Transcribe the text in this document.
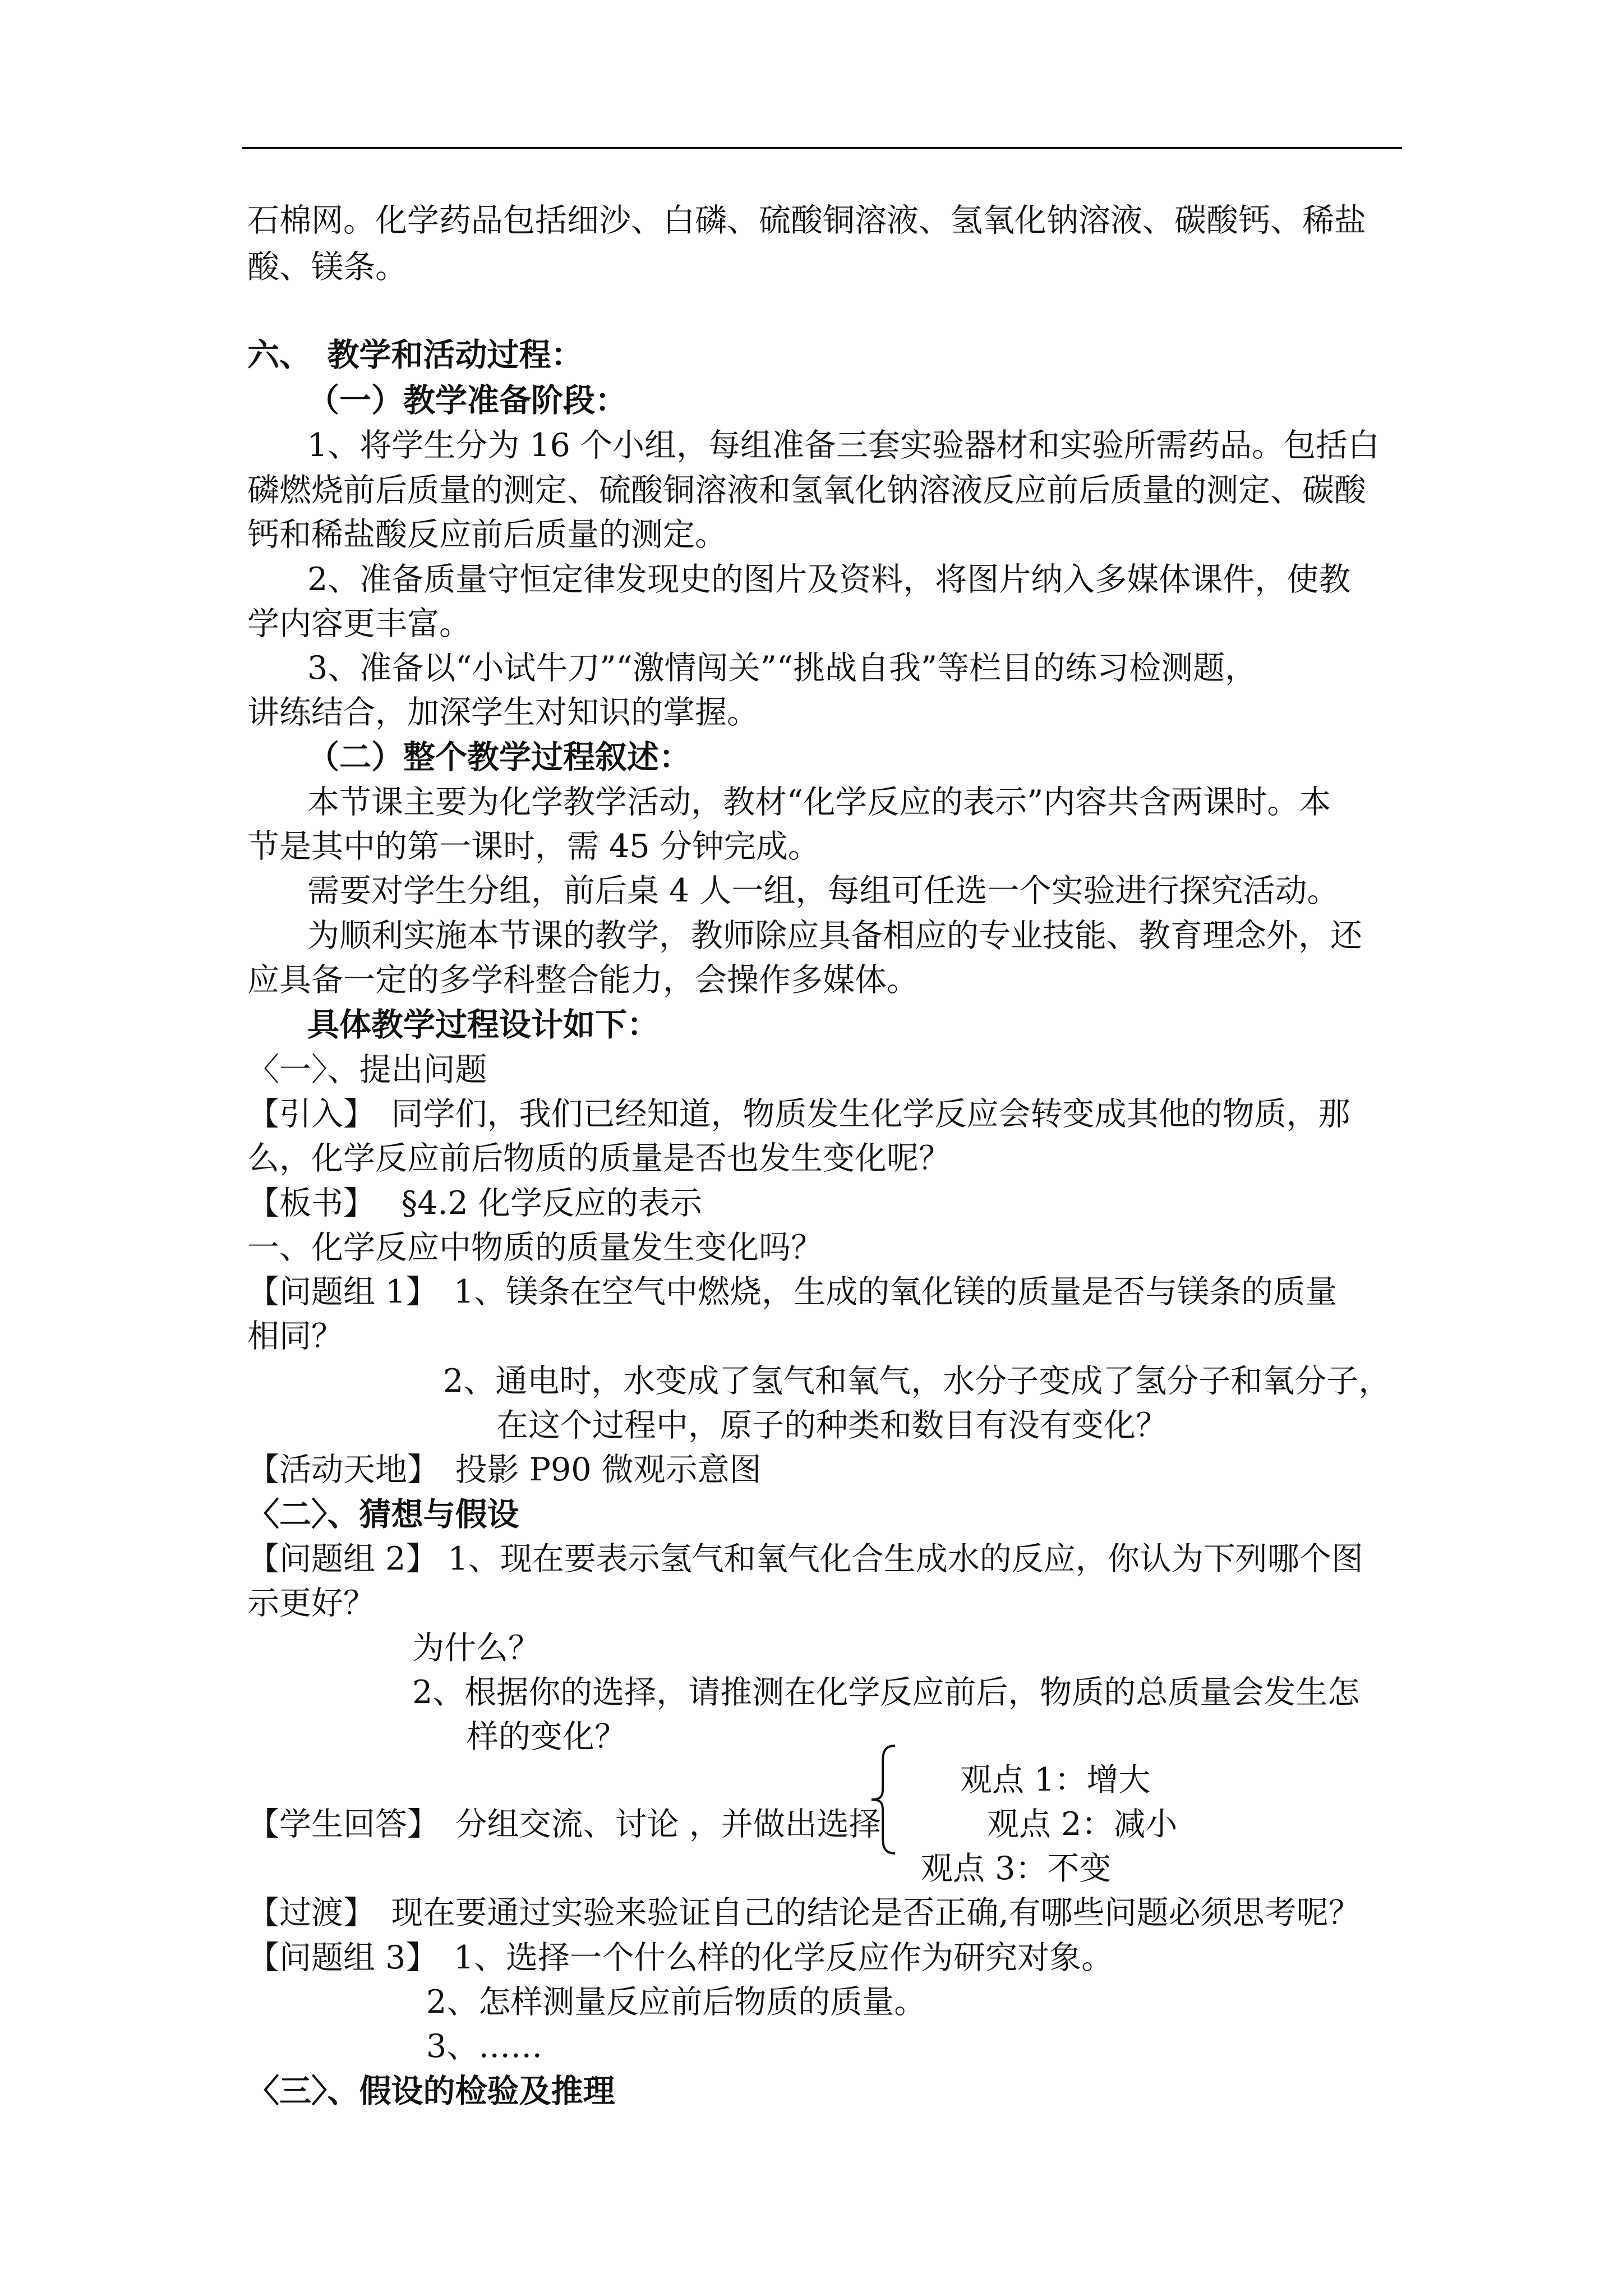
石棉网。化学药品包括细沙、白磷、硫酸铜溶液、氢氧化钠溶液、碳酸钙、稀盐
酸、镁条。
六、　教学和活动过程：
（一）教学准备阶段：
1、将学生分为 16 个小组，每组准备三套实验器材和实验所需药品。包括白
磷燃烧前后质量的测定、硫酸铜溶液和氢氧化钠溶液反应前后质量的测定、碳酸
钙和稀盐酸反应前后质量的测定。
2、准备质量守恒定律发现史的图片及资料，将图片纳入多媒体课件，使教
学内容更丰富。
3、准备以“小试牛刀”“激情闯关”“挑战自我”等栏目的练习检测题，
讲练结合，加深学生对知识的掌握。
（二）整个教学过程叙述：
本节课主要为化学教学活动，教材“化学反应的表示”内容共含两课时。本
节是其中的第一课时，需 45 分钟完成。
需要对学生分组，前后桌 4 人一组，每组可任选一个实验进行探究活动。
为顺利实施本节课的教学，教师除应具备相应的专业技能、教育理念外，还
应具备一定的多学科整合能力，会操作多媒体。
具体教学过程设计如下：
〈一〉、提出问题
【引入】　同学们，我们已经知道，物质发生化学反应会转变成其他的物质，那
么，化学反应前后物质的质量是否也发生变化呢？
【板书】　 §4.2 化学反应的表示
一、化学反应中物质的质量发生变化吗？
【问题组 1】　1、镁条在空气中燃烧，生成的氧化镁的质量是否与镁条的质量
相同？
2、通电时，水变成了氢气和氧气，水分子变成了氢分子和氧分子，
在这个过程中，原子的种类和数目有没有变化？
【活动天地】　投影 P90 微观示意图
〈二〉、猜想与假设
【问题组 2】 1、现在要表示氢气和氧气化合生成水的反应，你认为下列哪个图
示更好？
为什么？
2、根据你的选择，请推测在化学反应前后，物质的总质量会发生怎
样的变化？
观点 1：增大
【学生回答】　分组交流、讨论 ，并做出选择	观点 2：减小
观点 3：不变
【过渡】　现在要通过实验来验证自己的结论是否正确,有哪些问题必须思考呢？
【问题组 3】　1、选择一个什么样的化学反应作为研究对象。
2、怎样测量反应前后物质的质量。
3、……
〈三〉、假设的检验及推理
